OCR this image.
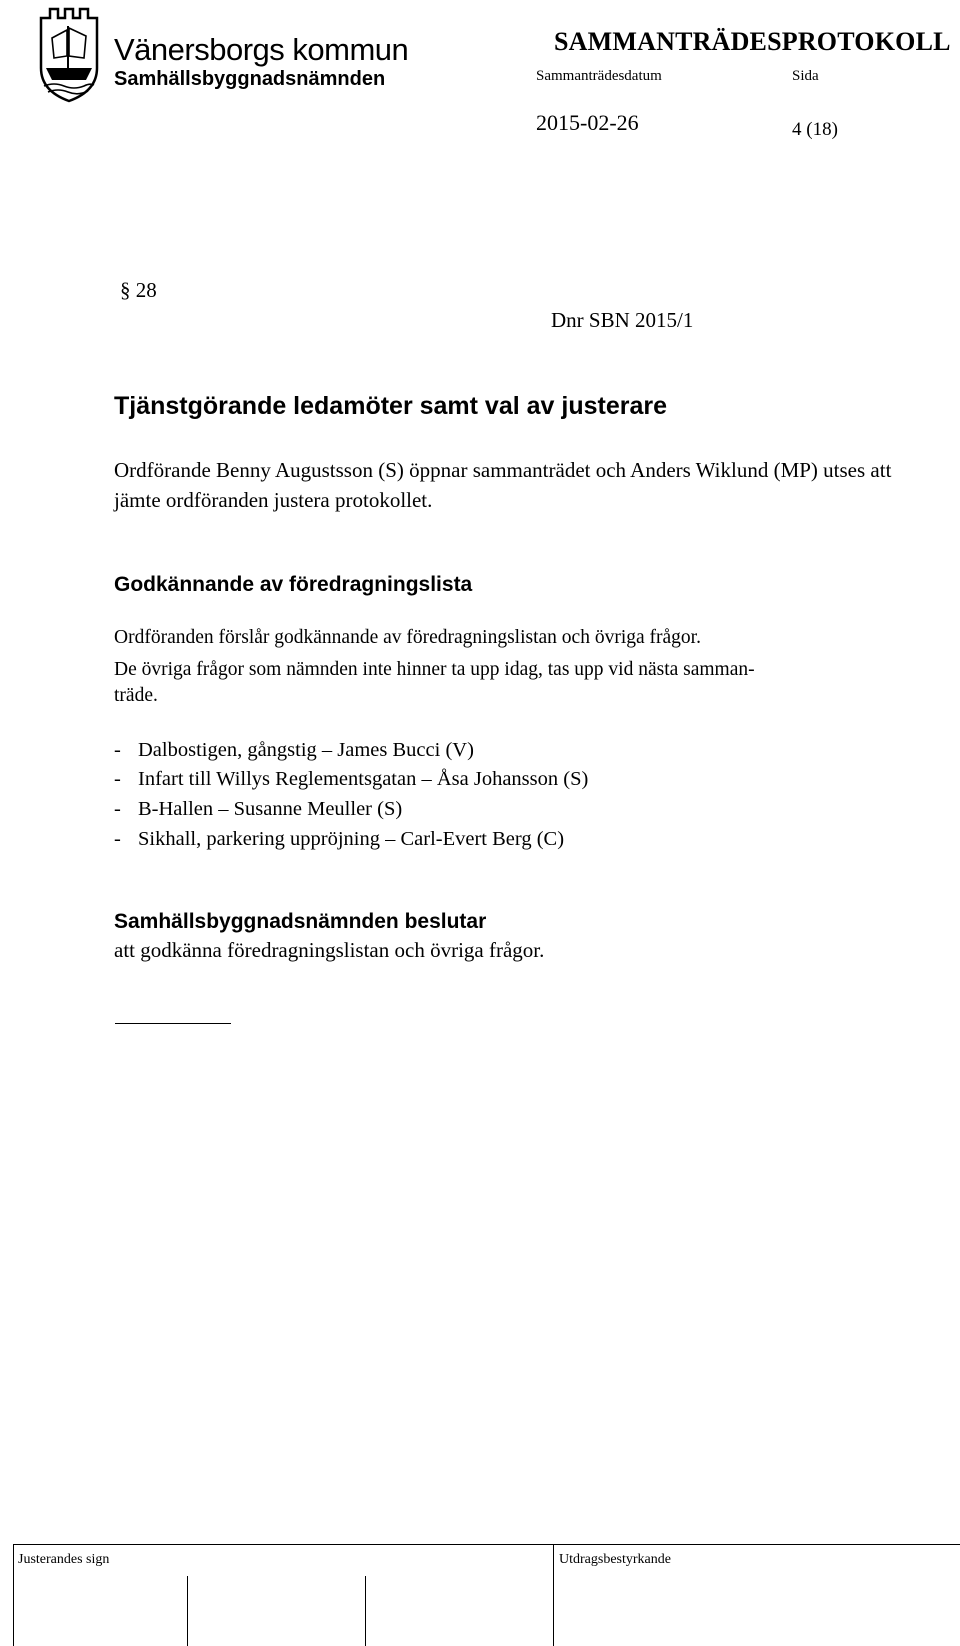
Vänersborgs kommun
Samhällsbyggnadsnämnden
SAMMANTRÄDESPROTOKOLL
Sammanträdesdatum	Sida
2015-02-26	4 (18)
§ 28
Dnr SBN 2015/1
Tjänstgörande ledamöter samt val av justerare
Ordförande Benny Augustsson (S) öppnar sammanträdet och Anders Wiklund (MP) utses att jämte ordföranden justera protokollet.
Godkännande av föredragningslista
Ordföranden förslår godkännande av föredragningslistan och övriga frågor.
De övriga frågor som nämnden inte hinner ta upp idag, tas upp vid nästa samman-
träde.
- Dalbostigen, gångstig – James Bucci (V)
- Infart till Willys Reglementsgatan – Åsa Johansson (S)
- B-Hallen – Susanne Meuller (S)
- Sikhall, parkering uppröjning – Carl-Evert Berg (C)
Samhällsbyggnadsnämnden beslutar
att godkänna föredragningslistan och övriga frågor.
Justerandes sign	Utdragsbestyrkande
